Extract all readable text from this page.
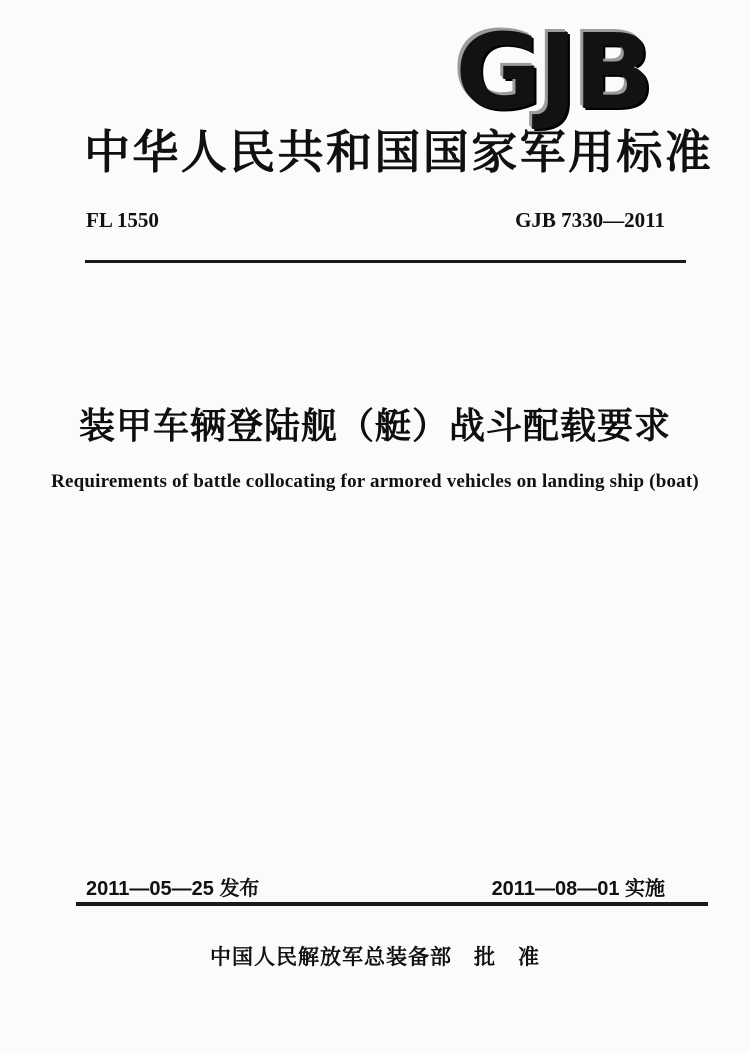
GJB
中华人民共和国国家军用标准
FL 1550	GJB 7330—2011
装甲车辆登陆舰（艇）战斗配载要求
Requirements of battle collocating for armored vehicles on landing ship (boat)
2011—05—25 发布	2011—08—01 实施
中国人民解放军总装备部　批　准
